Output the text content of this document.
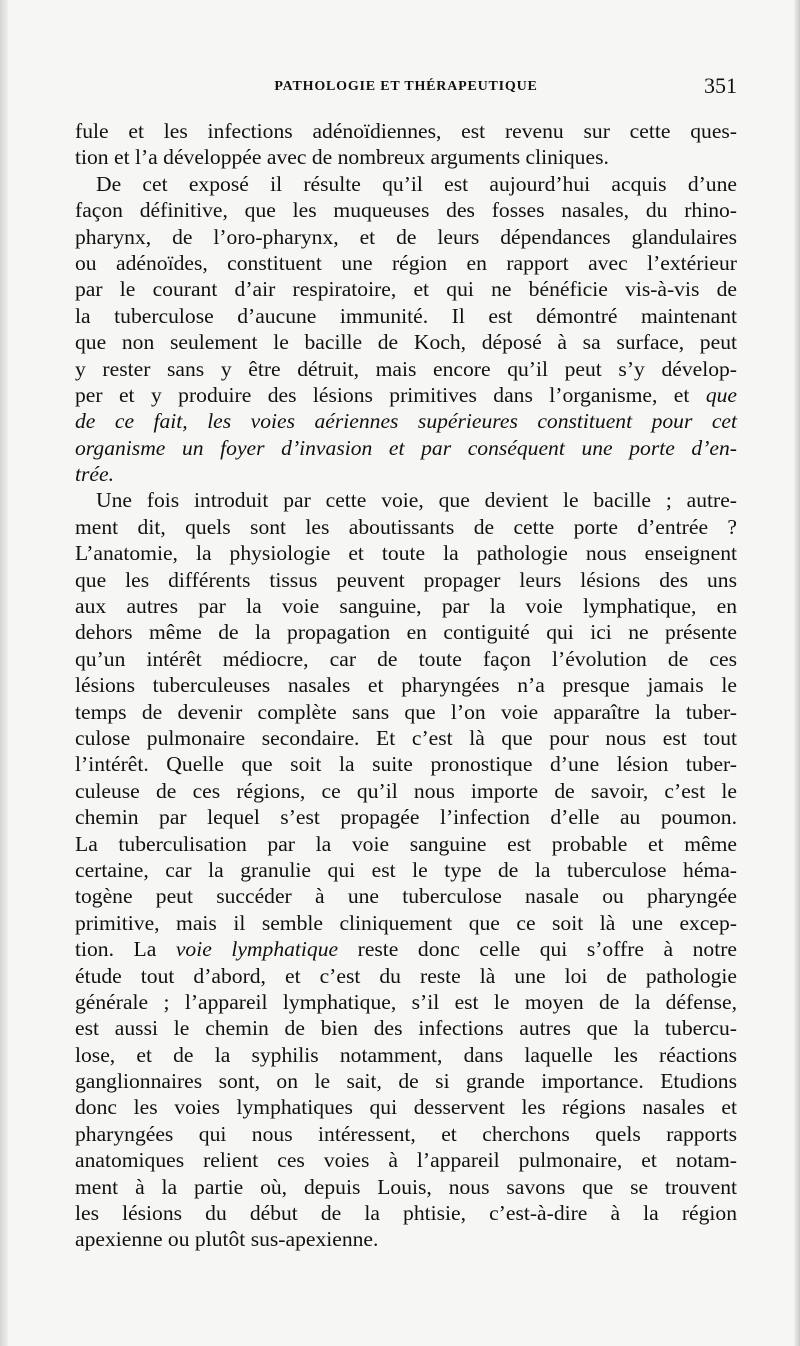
PATHOLOGIE ET THÉRAPEUTIQUE	351
fule et les infections adénoïdiennes, est revenu sur cette ques-
tion et l’a développée avec de nombreux arguments cliniques.
De cet exposé il résulte qu’il est aujourd’hui acquis d’une
façon définitive, que les muqueuses des fosses nasales, du rhino-
pharynx, de l’oro-pharynx, et de leurs dépendances glandulaires
ou adénoïdes, constituent une région en rapport avec l’extérieur
par le courant d’air respiratoire, et qui ne bénéficie vis-à-vis de
la tuberculose d’aucune immunité. Il est démontré maintenant
que non seulement le bacille de Koch, déposé à sa surface, peut
y rester sans y être détruit, mais encore qu’il peut s’y dévelop-
per et y produire des lésions primitives dans l’organisme, et que
de ce fait, les voies aériennes supérieures constituent pour cet
organisme un foyer d’invasion et par conséquent une porte d’en-
trée.
Une fois introduit par cette voie, que devient le bacille ; autre-
ment dit, quels sont les aboutissants de cette porte d’entrée ?
L’anatomie, la physiologie et toute la pathologie nous enseignent
que les différents tissus peuvent propager leurs lésions des uns
aux autres par la voie sanguine, par la voie lymphatique, en
dehors même de la propagation en contiguité qui ici ne présente
qu’un intérêt médiocre, car de toute façon l’évolution de ces
lésions tuberculeuses nasales et pharyngées n’a presque jamais le
temps de devenir complète sans que l’on voie apparaître la tuber-
culose pulmonaire secondaire. Et c’est là que pour nous est tout
l’intérêt. Quelle que soit la suite pronostique d’une lésion tuber-
culeuse de ces régions, ce qu’il nous importe de savoir, c’est le
chemin par lequel s’est propagée l’infection d’elle au poumon.
La tuberculisation par la voie sanguine est probable et même
certaine, car la granulie qui est le type de la tuberculose héma-
togène peut succéder à une tuberculose nasale ou pharyngée
primitive, mais il semble cliniquement que ce soit là une excep-
tion. La voie lymphatique reste donc celle qui s’offre à notre
étude tout d’abord, et c’est du reste là une loi de pathologie
générale ; l’appareil lymphatique, s’il est le moyen de la défense,
est aussi le chemin de bien des infections autres que la tubercu-
lose, et de la syphilis notamment, dans laquelle les réactions
ganglionnaires sont, on le sait, de si grande importance. Etudions
donc les voies lymphatiques qui desservent les régions nasales et
pharyngées qui nous intéressent, et cherchons quels rapports
anatomiques relient ces voies à l’appareil pulmonaire, et notam-
ment à la partie où, depuis Louis, nous savons que se trouvent
les lésions du début de la phtisie, c’est-à-dire à la région
apexienne ou plutôt sus-apexienne.
